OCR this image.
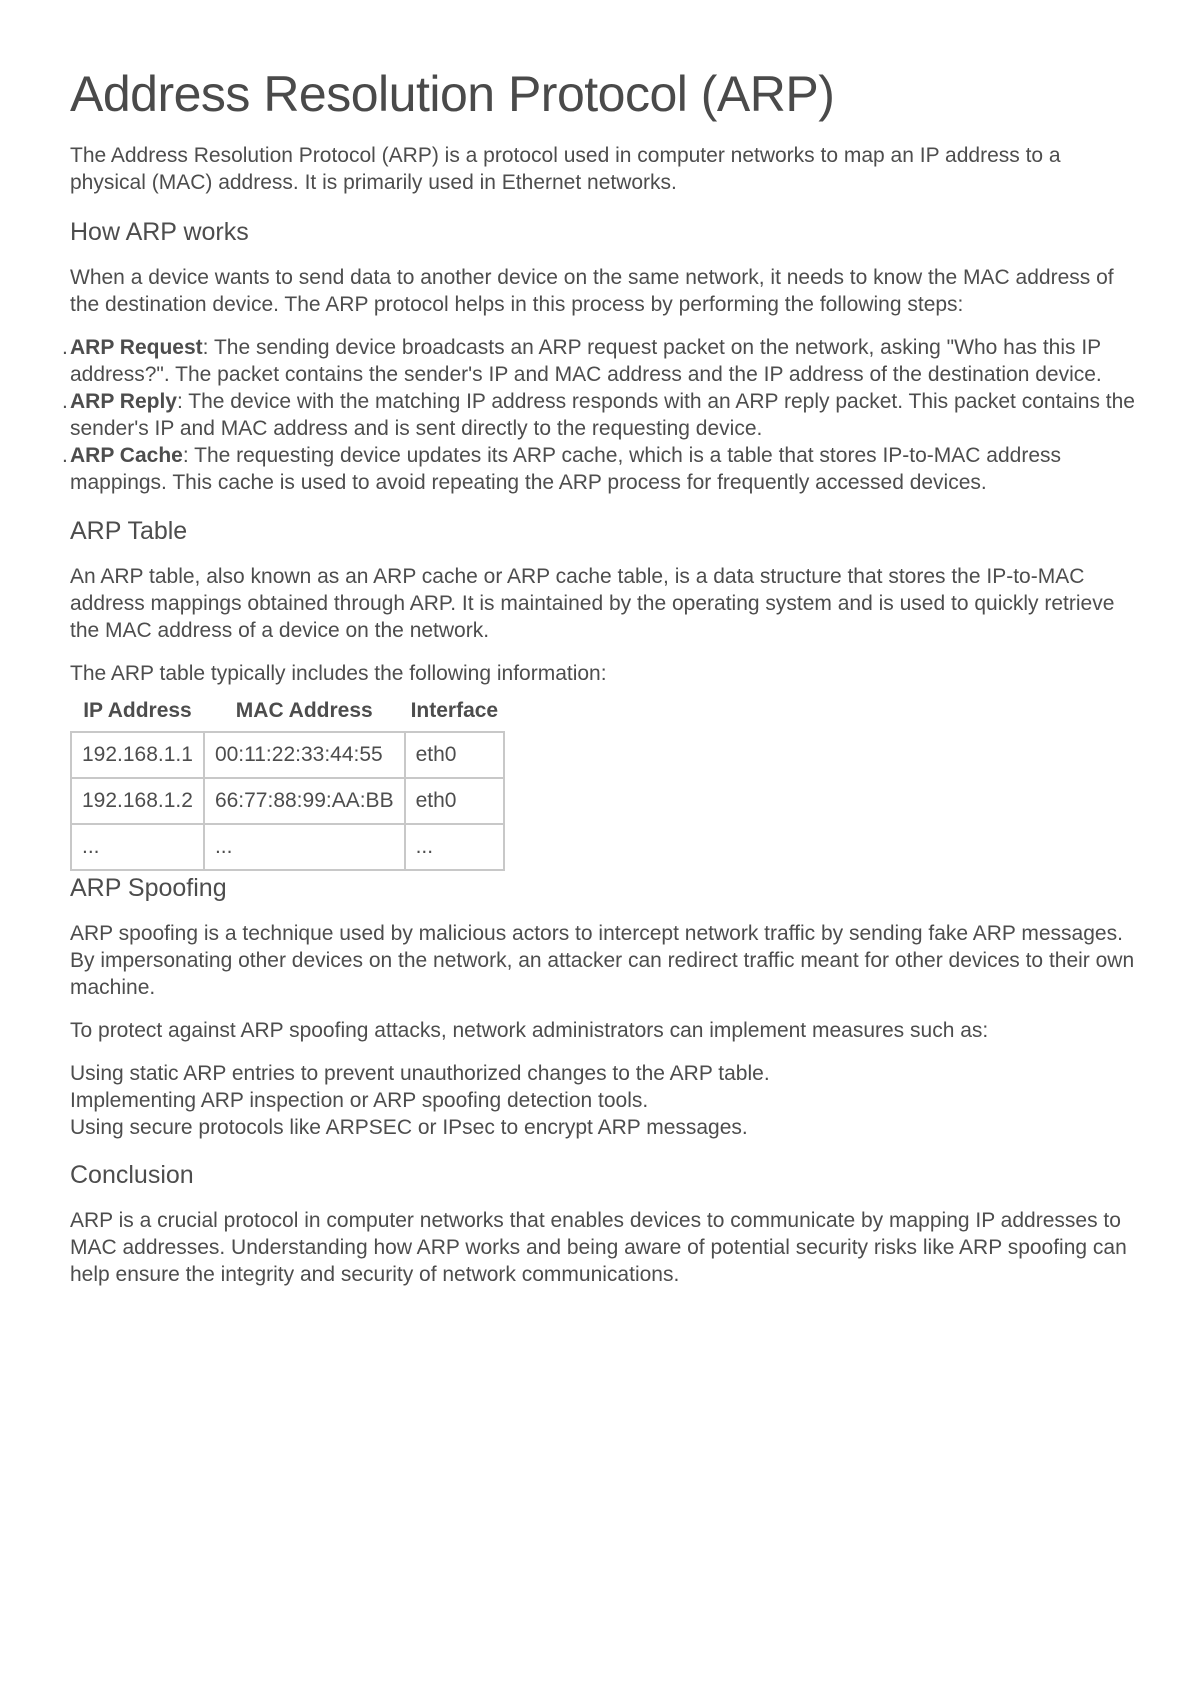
Address Resolution Protocol (ARP)

The Address Resolution Protocol (ARP) is a protocol used in computer networks to map an IP address to a physical (MAC) address. It is primarily used in Ethernet networks.

How ARP works

When a device wants to send data to another device on the same network, it needs to know the MAC address of the destination device. The ARP protocol helps in this process by performing the following steps:

. ARP Request: The sending device broadcasts an ARP request packet on the network, asking "Who has this IP address?". The packet contains the sender's IP and MAC address and the IP address of the destination device.
. ARP Reply: The device with the matching IP address responds with an ARP reply packet. This packet contains the sender's IP and MAC address and is sent directly to the requesting device.
. ARP Cache: The requesting device updates its ARP cache, which is a table that stores IP-to-MAC address mappings. This cache is used to avoid repeating the ARP process for frequently accessed devices.
ARP Table

An ARP table, also known as an ARP cache or ARP cache table, is a data structure that stores the IP-to-MAC address mappings obtained through ARP. It is maintained by the operating system and is used to quickly retrieve the MAC address of a device on the network.

The ARP table typically includes the following information:

IP Address	MAC Address	Interface
192.168.1.1	00:11:22:33:44:55	eth0
192.168.1.2	66:77:88:99:AA:BB	eth0
...	...	...
ARP Spoofing

ARP spoofing is a technique used by malicious actors to intercept network traffic by sending fake ARP messages. By impersonating other devices on the network, an attacker can redirect traffic meant for other devices to their own machine.

To protect against ARP spoofing attacks, network administrators can implement measures such as:

Using static ARP entries to prevent unauthorized changes to the ARP table.
Implementing ARP inspection or ARP spoofing detection tools.
Using secure protocols like ARPSEC or IPsec to encrypt ARP messages.
Conclusion

ARP is a crucial protocol in computer networks that enables devices to communicate by mapping IP addresses to MAC addresses. Understanding how ARP works and being aware of potential security risks like ARP spoofing can help ensure the integrity and security of network communications.
